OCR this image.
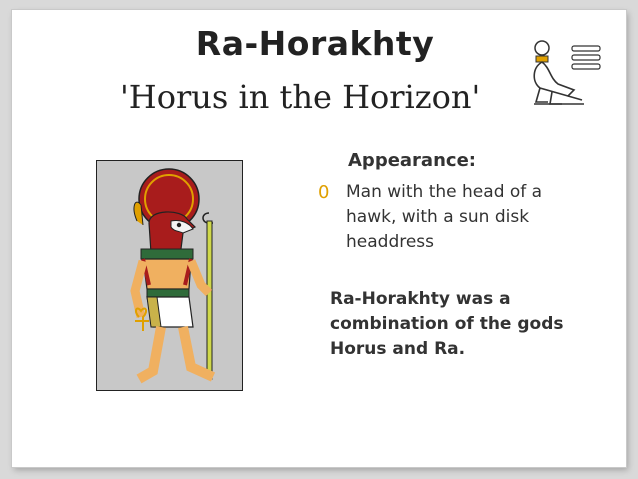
Ra-Horakhty
'Horus in the Horizon'
Appearance:
0 Man with the head of a hawk, with a sun disk headdress
Ra-Horakhty was a combination of the gods Horus and Ra.
